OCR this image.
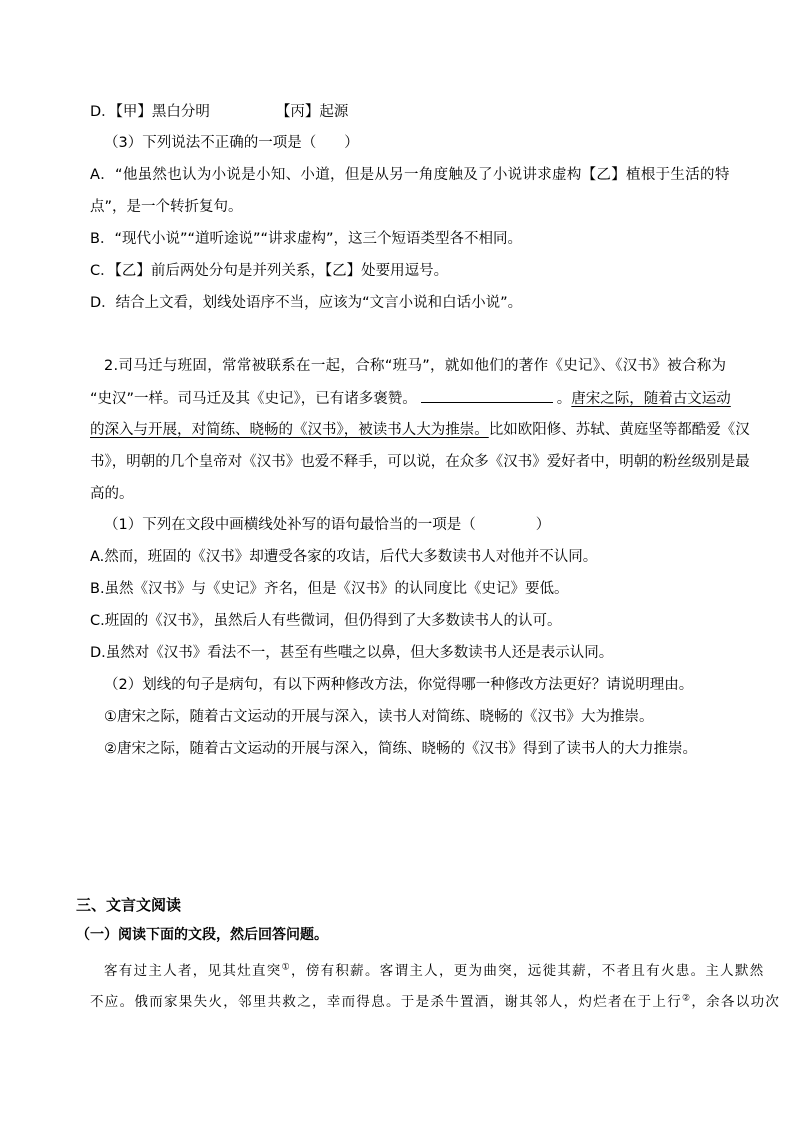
D．【甲】黑白分明	【丙】起源
（3）下列说法不正确的一项是（ ）
A．“他虽然也认为小说是小知、小道，但是从另一角度触及了小说讲求虚构【乙】植根于生活的特
点”，是一个转折复句。
B．“现代小说”“道听途说”“讲求虚构”，这三个短语类型各不相同。
C．【乙】前后两处分句是并列关系，【乙】处要用逗号。
D．结合上文看，划线处语序不当，应该为“文言小说和白话小说”。
2.司马迁与班固，常常被联系在一起，合称“班马”，就如他们的著作《史记》、《汉书》被合称为
“史汉”一样。司马迁及其《史记》，已有诸多褒赞。	。唐宋之际，随着古文运动
的深入与开展，对简练、晓畅的《汉书》，被读书人大为推崇。比如欧阳修、苏轼、黄庭坚等都酷爱《汉
书》，明朝的几个皇帝对《汉书》也爱不释手，可以说，在众多《汉书》爱好者中，明朝的粉丝级别是最
高的。
（1）下列在文段中画横线处补写的语句最恰当的一项是（	）
A.然而，班固的《汉书》却遭受各家的攻诘，后代大多数读书人对他并不认同。
B.虽然《汉书》与《史记》齐名，但是《汉书》的认同度比《史记》要低。
C.班固的《汉书》，虽然后人有些微词，但仍得到了大多数读书人的认可。
D.虽然对《汉书》看法不一，甚至有些嗤之以鼻，但大多数读书人还是表示认同。
（2）划线的句子是病句，有以下两种修改方法，你觉得哪一种修改方法更好？请说明理由。
①唐宋之际，随着古文运动的开展与深入，读书人对简练、晓畅的《汉书》大为推崇。
②唐宋之际，随着古文运动的开展与深入，简练、晓畅的《汉书》得到了读书人的大力推崇。
三、文言文阅读
（一）阅读下面的文段，然后回答问题。
客有过主人者，见其灶直突①，傍有积薪。客谓主人，更为曲突，远徙其薪，不者且有火患。主人默然
不应。俄而家果失火，邻里共救之，幸而得息。于是杀牛置酒，谢其邻人，灼烂者在于上行②，余各以功次
